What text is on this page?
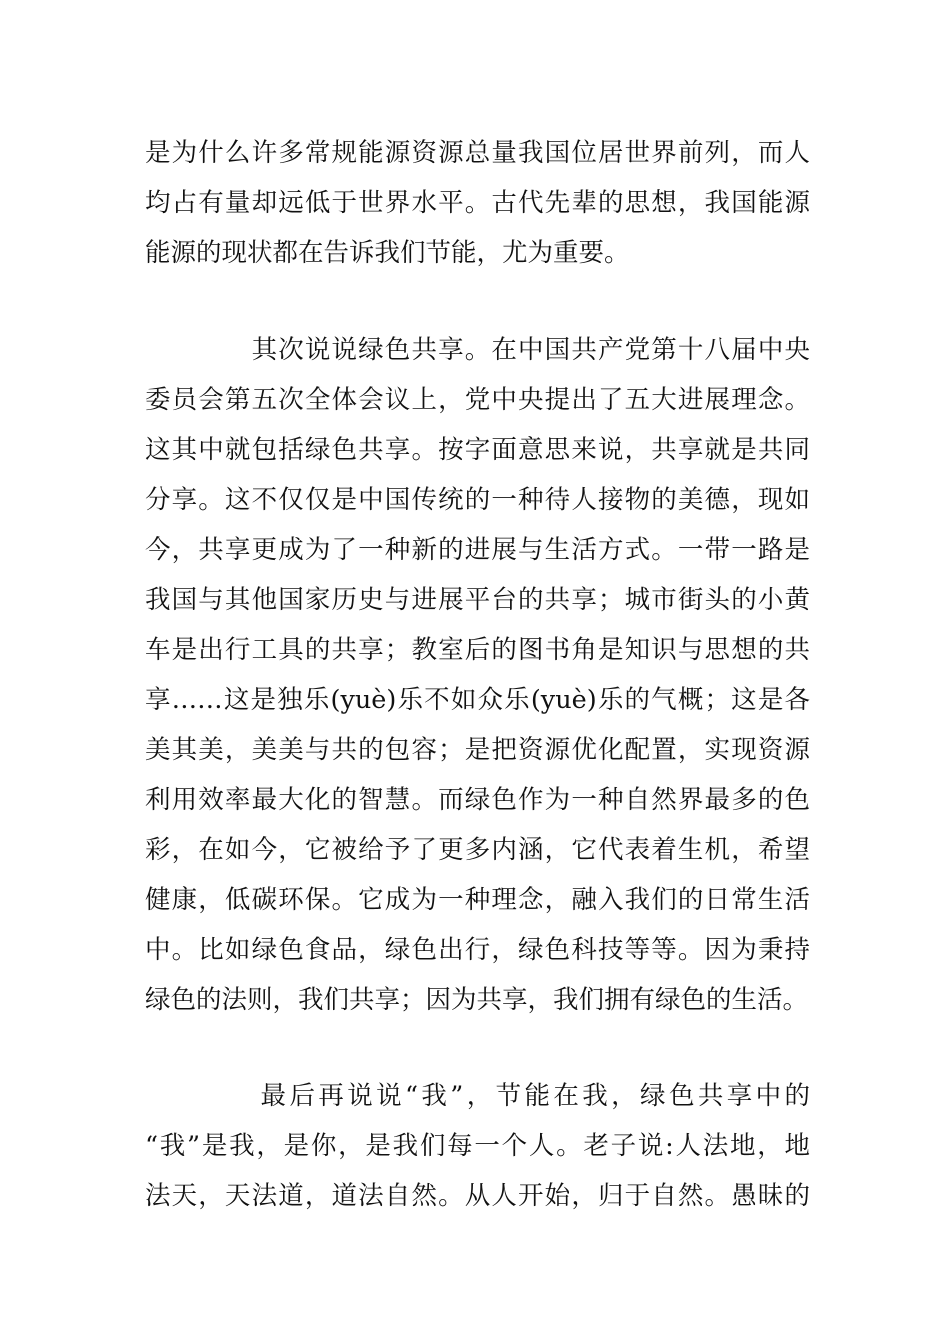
是为什么许多常规能源资源总量我国位居世界前列，而人
均占有量却远低于世界水平。古代先辈的思想，我国能源
能源的现状都在告诉我们节能，尤为重要。

　　　　其次说说绿色共享。在中国共产党第十八届中央
委员会第五次全体会议上，党中央提出了五大进展理念。
这其中就包括绿色共享。按字面意思来说，共享就是共同
分享。这不仅仅是中国传统的一种待人接物的美德，现如
今，共享更成为了一种新的进展与生活方式。一带一路是
我国与其他国家历史与进展平台的共享；城市街头的小黄
车是出行工具的共享；教室后的图书角是知识与思想的共
享……这是独乐(yuè)乐不如众乐(yuè)乐的气概；这是各
美其美，美美与共的包容；是把资源优化配置，实现资源
利用效率最大化的智慧。而绿色作为一种自然界最多的色
彩，在如今，它被给予了更多内涵，它代表着生机，希望
健康，低碳环保。它成为一种理念，融入我们的日常生活
中。比如绿色食品，绿色出行，绿色科技等等。因为秉持
绿色的法则，我们共享；因为共享，我们拥有绿色的生活。

　　　　最后再说说“我”，节能在我，绿色共享中的
“我”是我，是你，是我们每一个人。老子说:人法地，地
法天，天法道，道法自然。从人开始，归于自然。愚昧的
